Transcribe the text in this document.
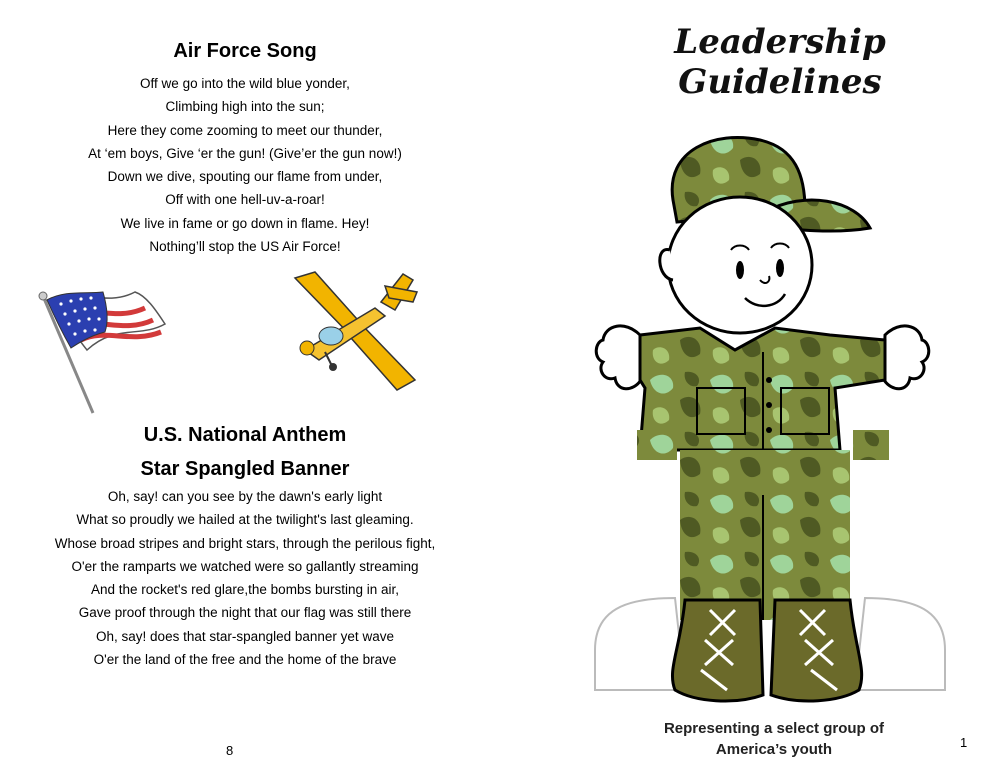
Air Force Song
Off we go into the wild blue yonder,
Climbing high into the sun;
Here they come zooming to meet our thunder,
At ‘em boys, Give ‘er the gun! (Give’er the gun now!)
Down we dive, spouting our flame from under,
Off with one hell-uv-a-roar!
We live in fame or go down in flame. Hey!
Nothing’ll stop the US Air Force!
U.S. National Anthem
Star Spangled Banner
Oh, say! can you see by the dawn's early light
What so proudly we hailed at the twilight's last gleaming.
Whose broad stripes and bright stars, through the perilous fight,
O'er the ramparts we watched were so gallantly streaming
And the rocket's red glare,the bombs bursting in air,
Gave proof through the night that our flag was still there
Oh, say! does that star-spangled banner yet wave
O'er the land of the free and the home of the brave
8
Leadership Guidelines
Representing a select group of
America’s youth	1
